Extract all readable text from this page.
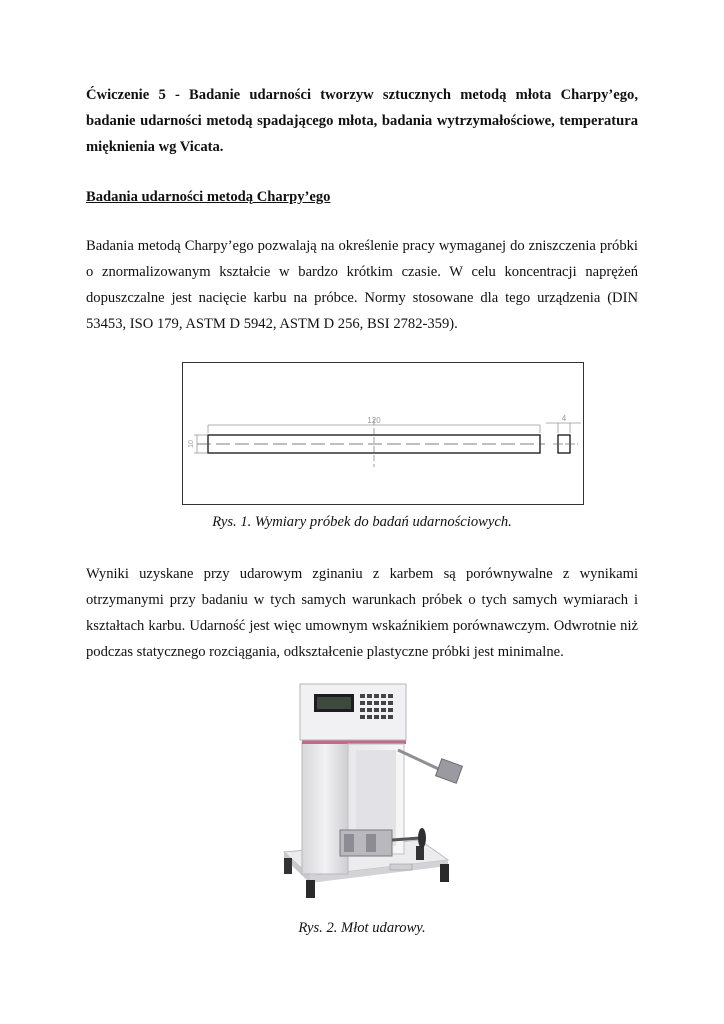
Ćwiczenie 5 - Badanie udarności tworzyw sztucznych metodą młota Charpy’ego, badanie udarności metodą spadającego młota, badania wytrzymałościowe, temperatura mięknienia wg Vicata.
Badania udarności metodą Charpy’ego
Badania metodą Charpy’ego pozwalają na określenie pracy wymaganej do zniszczenia próbki o znormalizowanym kształcie w bardzo krótkim czasie. W celu koncentracji naprężeń dopuszczalne jest nacięcie karbu na próbce. Normy stosowane dla tego urządzenia (DIN 53453, ISO 179, ASTM D 5942, ASTM D 256, BSI 2782-359).
120
10
4
Rys. 1. Wymiary próbek do badań udarnościowych.
Wyniki uzyskane przy udarowym zginaniu z karbem są porównywalne z wynikami otrzymanymi przy badaniu w tych samych warunkach próbek o tych samych wymiarach i kształtach karbu. Udarność jest więc umownym wskaźnikiem porównawczym. Odwrotnie niż podczas statycznego rozciągania, odkształcenie plastyczne próbki jest minimalne.
Rys. 2. Młot udarowy.
